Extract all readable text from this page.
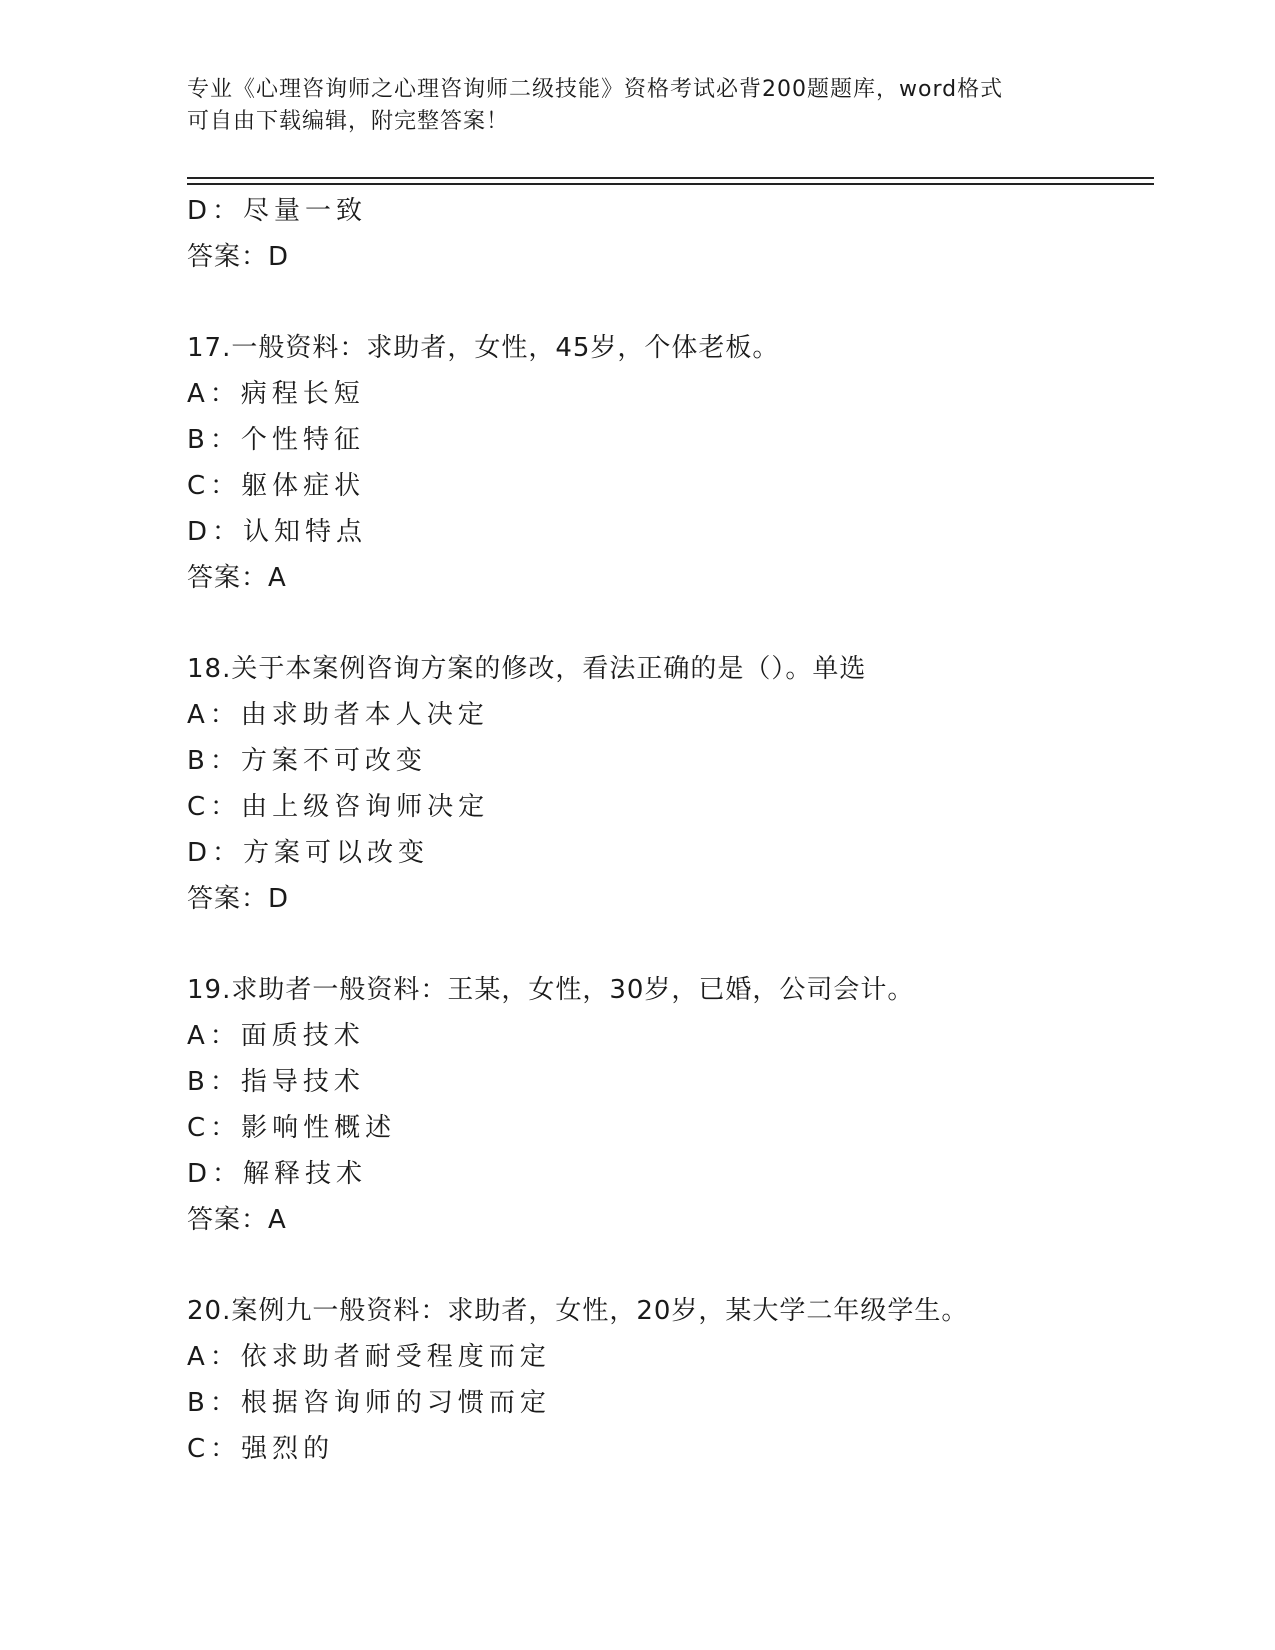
专业《心理咨询师之心理咨询师二级技能》资格考试必背200题题库，word格式
可自由下载编辑，附完整答案！
D：尽量一致
答案：D
17.一般资料：求助者，女性，45岁，个体老板。
A：病程长短
B：个性特征
C：躯体症状
D：认知特点
答案：A
18.关于本案例咨询方案的修改，看法正确的是（）。单选
A：由求助者本人决定
B：方案不可改变
C：由上级咨询师决定
D：方案可以改变
答案：D
19.求助者一般资料：王某，女性，30岁，已婚，公司会计。
A：面质技术
B：指导技术
C：影响性概述
D：解释技术
答案：A
20.案例九一般资料：求助者，女性，20岁，某大学二年级学生。
A：依求助者耐受程度而定
B：根据咨询师的习惯而定
C：强烈的
